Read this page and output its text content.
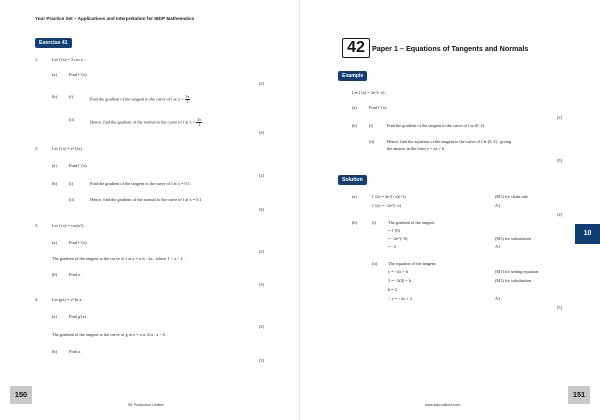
Your Practice Set – Applications and Interpretation for IBDP Mathematics
Exercise 41
1.	Let f (x) = 3 cos x .
(a)	Find f ′(x).
[2]
(b)	(i)
Find the gradient of the tangent to the curve of f at $x = \frac{3\pi}{2}$
(ii)
Hence, find the gradient of the normal to the curve of f at $x = \frac{3\pi}{2}$
[4]
2.	Let f (x) = e^(3x) .
(a)	Find f ′(x).
[2]
(b)	(i)	Find the gradient of the tangent to the curve of f at x = 0.1 .
(ii)	Hence, find the gradient of the normal to the curve of f at x = 0.1 .
[4]
3.	Let f (x) = cos(x²) .
(a)	Find f ′(x).
[2]
The gradient of the tangent to the curve of f at x = a is −2a , where 1 < a < 2 .
(b)	Find a .
[3]
4.	Let g(x) = x² ln x .
(a)	Find g′(x) .
[2]
The gradient of the tangent to the curve of g at x = a is 4√a , a > 0 .
(b)	Find a .
[3]
150
SE Production Limited
42 Paper 1 – Equations of Tangents and Normals
Example
Let f (x) = 2e^(−x) .
(a)	Find f ′(x) .
[2]
(b)	(i)	Find the gradient of the tangent to the curve of f at (0, 2).
(ii)	Hence, find the equation of the tangent to the curve of f at (0, 2) , giving
the answer in the form y = ax + b .
[5]
Solution
(a)	f ′(x) = 2e^(−x)(−1)	(M1) for chain rule
f ′(x) = −2e^(−x)	A1
[2]
(b)	(i)	The gradient of the tangent
= f ′(0)
= −2e^(−0)	(M1) for substitution
= −2	A1
(ii)	The equation of the tangent:
y = −2x + b	(M1) for setting equation
2 = −2(0) + b	(M1) for substitution
b = 2
∴ y = −2x + 2	A1
[5]
10
151
www.seprodstore.com
